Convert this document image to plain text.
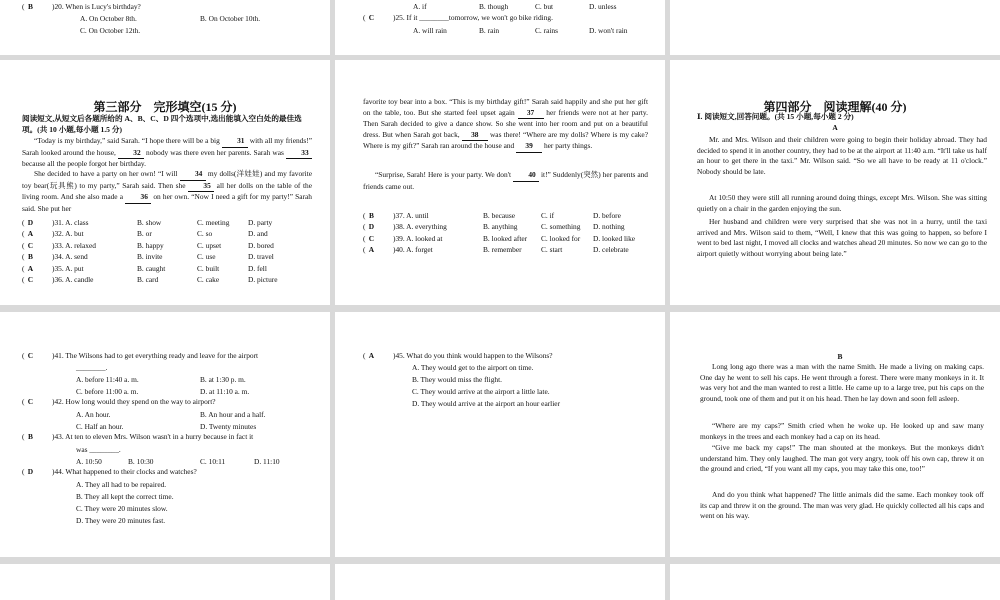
( B	)20. When is Lucy's birthday?
A. On October 8th.	B. On October 10th.
C. On October 12th.
A. if	B. though	C. but	D. unless
( C	)25. If it ________tomorrow, we won't go bike riding.
A. will rain	B. rain	C. rains	D. won't rain
第三部分　完形填空(15 分)
阅读短文,从短文后各题所给的 A、B、C、D 四个选项中,选出能填入空白处的最佳选项。(共 10 小题,每小题 1.5 分)
“Today is my birthday,” said Sarah. “I hope there will be a big 31 with all my friends!” Sarah looked around the house, 32 nobody was there even her parents. Sarah was 33 because all the people forgot her birthday.
She decided to have a party on her own! “I will 34 my dolls(洋娃娃) and my favorite toy bear(玩具熊) to my party,” Sarah said. Then she 35 all her dolls on the table of the living room. And she also made a 36 on her own. “Now I need a gift for my party!” Sarah said. She put her
( D	)31. A. class	B. show	C. meeting	D. party
( A	)32. A. but	B. or	C. so	D. and
( C	)33. A. relaxed	B. happy	C. upset	D. bored
( B	)34. A. send	B. invite	C. use	D. travel
( A	)35. A. put	B. caught	C. built	D. fell
( C	)36. A. candle	B. card	C. cake	D. picture
favorite toy bear into a box. “This is my birthday gift!” Sarah said happily and she put her gift on the table, too. But she started feel upset again 37 her friends were not at her party. Then Sarah decided to give a dance show. So she went into her room and put on a beautiful dress. But when Sarah got back, 38 was there! “Where are my dolls? Where is my cake? Where is my gift?” Sarah ran around the house and 39 her party things.
“Surprise, Sarah! Here is your party. We don't 40 it!” Suddenly(突然) her parents and friends came out.
( B	)37. A. until	B. because	C. if	D. before
( D	)38. A. everything	B. anything	C. something D. nothing
( C	)39. A. looked at	B. looked after C. looked for D. looked like
( A	)40. A. forget	B. remember	C. start	D. celebrate
第四部分　阅读理解(40 分)
Ⅰ. 阅读短文,回答问题。(共 15 小题,每小题 2 分)
A
Mr. and Mrs. Wilson and their children were going to begin their holiday abroad. They had decided to spend it in another country, they had to be at the airport at 11:40 a.m. “It'll take us half an hour to get there in the taxi.” Mr. Wilson said. “So we all have to be ready at 11 o'clock.” Nobody should be late.
At 10:50 they were still all running around doing things, except Mrs. Wilson. She was sitting quietly on a chair in the garden enjoying the sun.
Her husband and children were very surprised that she was not in a hurry, until the taxi arrived and Mrs. Wilson said to them, “Well, I knew that this was going to happen, so before I went to bed last night, I moved all clocks and watches ahead 20 minutes. So now we can go to the airport quietly without worrying about being late.”
( C	)41. The Wilsons had to get everything ready and leave for the airport
________.
A. before 11:40 a. m.	B. at 1:30 p. m.
C. before 11:00 a. m.	D. at 11:10 a. m.
( C	)42. How long would they spend on the way to airport?
A. An hour.	B. An hour and a half.
C. Half an hour.	D. Twenty minutes
( B	)43. At ten to eleven Mrs. Wilson wasn't in a hurry because in fact it
was ________.
A. 10:50	B. 10:30	C. 10:11	D. 11:10
( D	)44. What happened to their clocks and watches?
A. They all had to be repaired.
B. They all kept the correct time.
C. They were 20 minutes slow.
D. They were 20 minutes fast.
( A	)45. What do you think would happen to the Wilsons?
A. They would get to the airport on time.
B. They would miss the flight.
C. They would arrive at the airport a little late.
D. They would arrive at the airport an hour earlier
B
Long long ago there was a man with the name Smith. He made a living on making caps. One day he went to sell his caps. He went through a forest. There were many monkeys in it. It was very hot and the man wanted to rest a little. He came up to a large tree, put his caps on the ground, took one of them and put it on his head. Then he lay down and soon fell asleep.
“Where are my caps?” Smith cried when he woke up. He looked up and saw many monkeys in the trees and each monkey had a cap on its head.
“Give me back my caps!” The man shouted at the monkeys. But the monkeys didn't understand him. They only laughed. The man got very angry, took off his own cap, threw it on the ground and cried, “If you want all my caps, you may take this one, too!”
And do you think what happened? The little animals did the same. Each monkey took off its cap and threw it on the ground. The man was very glad. He quickly collected all his caps and went on his way.
